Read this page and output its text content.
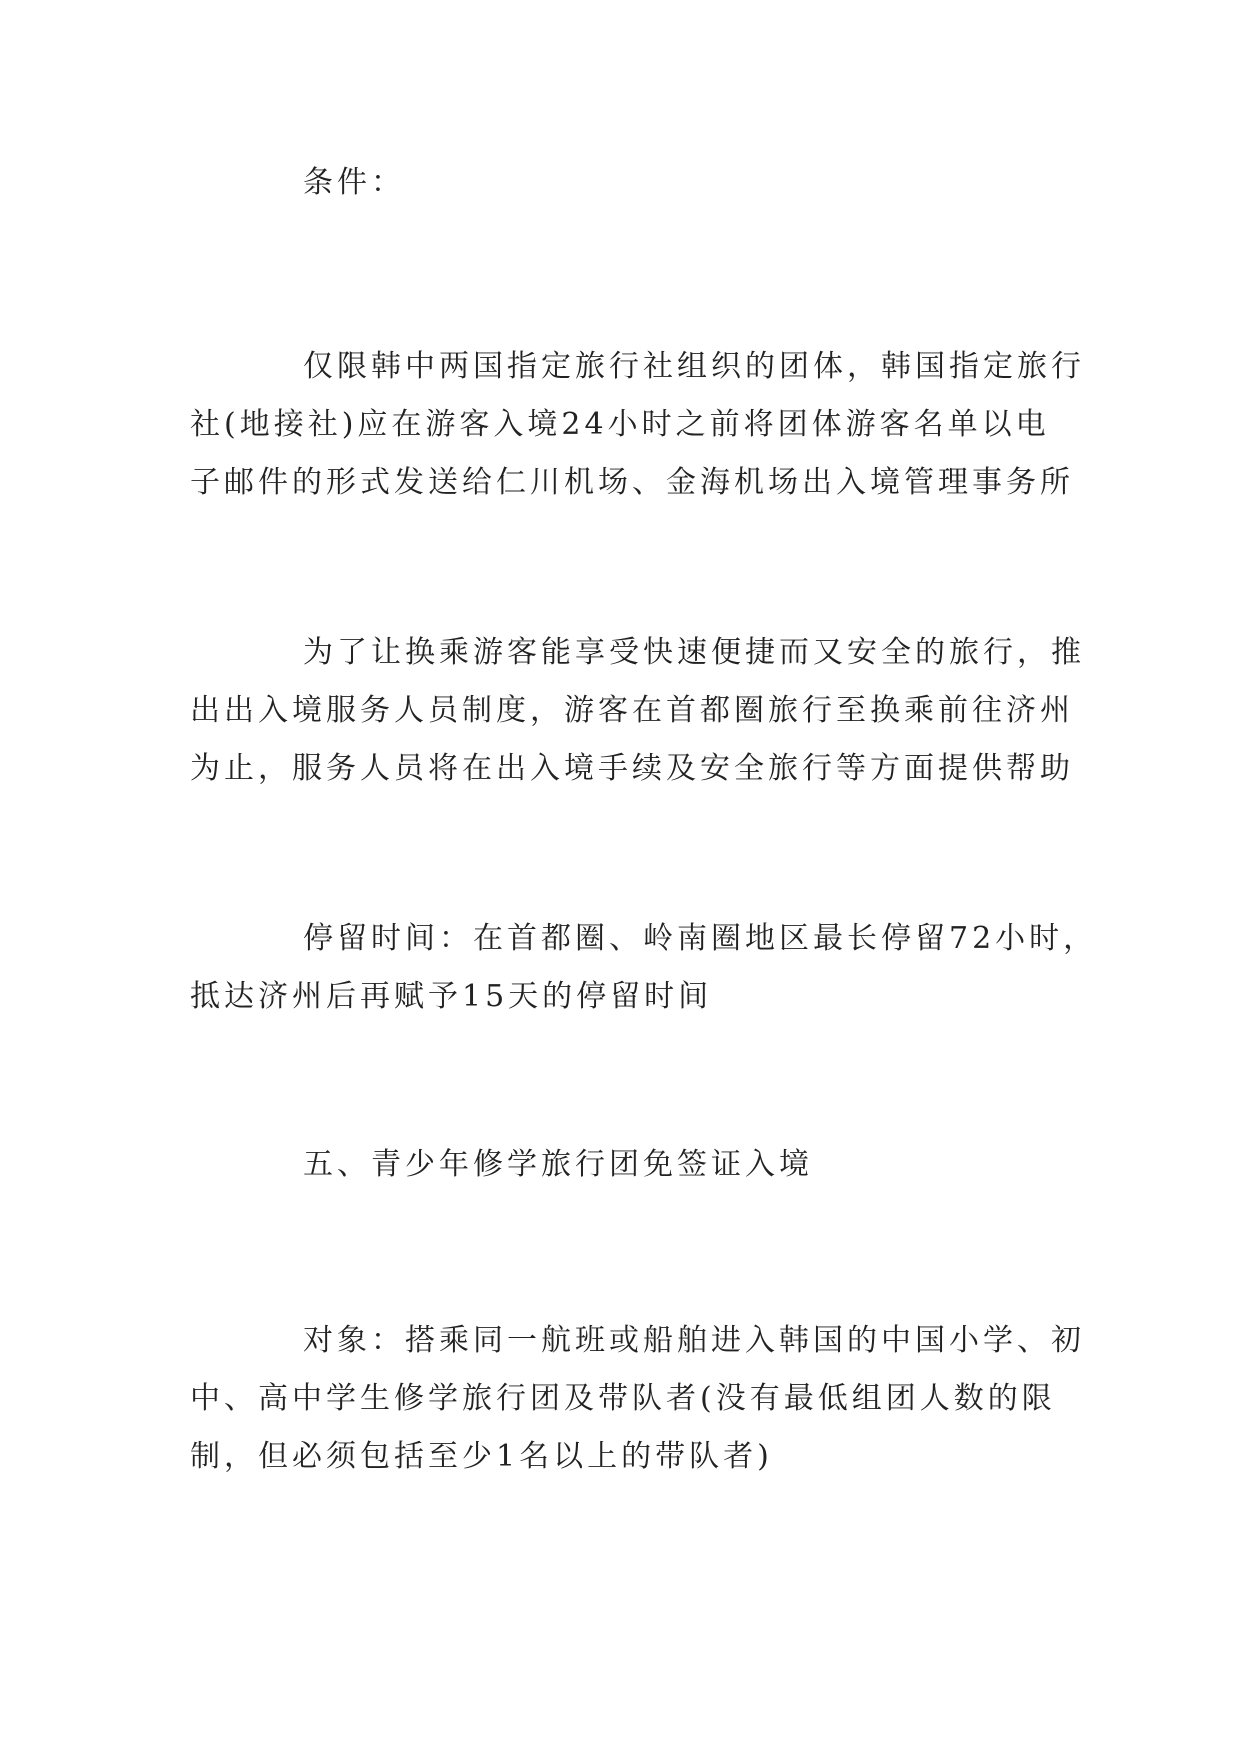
条件：
仅限韩中两国指定旅行社组织的团体，韩国指定旅行
社(地接社)应在游客入境24小时之前将团体游客名单以电
子邮件的形式发送给仁川机场、金海机场出入境管理事务所
为了让换乘游客能享受快速便捷而又安全的旅行，推
出出入境服务人员制度，游客在首都圈旅行至换乘前往济州
为止，服务人员将在出入境手续及安全旅行等方面提供帮助
停留时间：在首都圈、岭南圈地区最长停留72小时，
抵达济州后再赋予15天的停留时间
五、青少年修学旅行团免签证入境
对象：搭乘同一航班或船舶进入韩国的中国小学、初
中、高中学生修学旅行团及带队者(没有最低组团人数的限
制，但必须包括至少1名以上的带队者)
